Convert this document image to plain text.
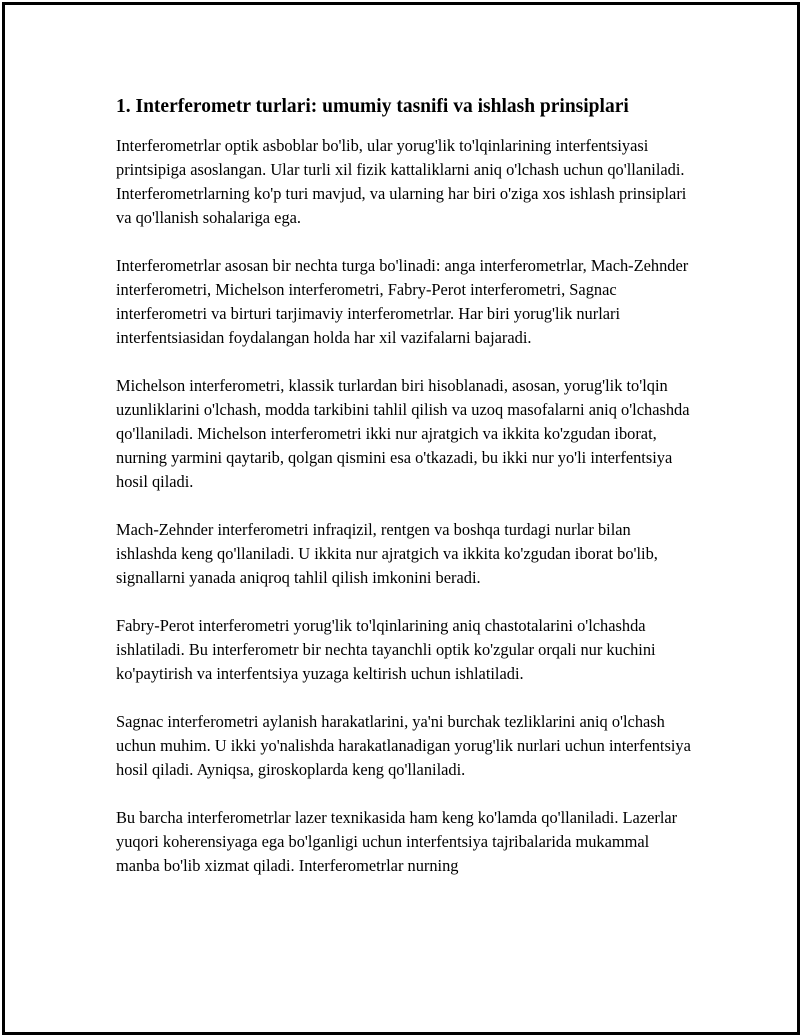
1. Interferometr turlari: umumiy tasnifi va ishlash prinsiplari

Interferometrlar optik asboblar bo'lib, ular yorug'lik to'lqinlarining interfentsiyasi printsipiga asoslangan. Ular turli xil fizik kattaliklarni aniq o'lchash uchun qo'llaniladi. Interferometrlarning ko'p turi mavjud, va ularning har biri o'ziga xos ishlash prinsiplari va qo'llanish sohalariga ega.

Interferometrlar asosan bir nechta turga bo'linadi: anga interferometrlar, Mach-Zehnder interferometri, Michelson interferometri, Fabry-Perot interferometri, Sagnac interferometri va birturi tarjimaviy interferometrlar. Har biri yorug'lik nurlari interfentsiasidan foydalangan holda har xil vazifalarni bajaradi.

Michelson interferometri, klassik turlardan biri hisoblanadi, asosan, yorug'lik to'lqin uzunliklarini o'lchash, modda tarkibini tahlil qilish va uzoq masofalarni aniq o'lchashda qo'llaniladi. Michelson interferometri ikki nur ajratgich va ikkita ko'zgudan iborat, nurning yarmini qaytarib, qolgan qismini esa o'tkazadi, bu ikki nur yo'li interfentsiya hosil qiladi.

Mach-Zehnder interferometri infraqizil, rentgen va boshqa turdagi nurlar bilan ishlashda keng qo'llaniladi. U ikkita nur ajratgich va ikkita ko'zgudan iborat bo'lib, signallarni yanada aniqroq tahlil qilish imkonini beradi.

Fabry-Perot interferometri yorug'lik to'lqinlarining aniq chastotalarini o'lchashda ishlatiladi. Bu interferometr bir nechta tayanchli optik ko'zgular orqali nur kuchini ko'paytirish va interfentsiya yuzaga keltirish uchun ishlatiladi.

Sagnac interferometri aylanish harakatlarini, ya'ni burchak tezliklarini aniq o'lchash uchun muhim. U ikki yo'nalishda harakatlanadigan yorug'lik nurlari uchun interfentsiya hosil qiladi. Ayniqsa, giroskoplarda keng qo'llaniladi.

Bu barcha interferometrlar lazer texnikasida ham keng ko'lamda qo'llaniladi. Lazerlar yuqori koherensiyaga ega bo'lganligi uchun interfentsiya tajribalarida mukammal manba bo'lib xizmat qiladi. Interferometrlar nurning
